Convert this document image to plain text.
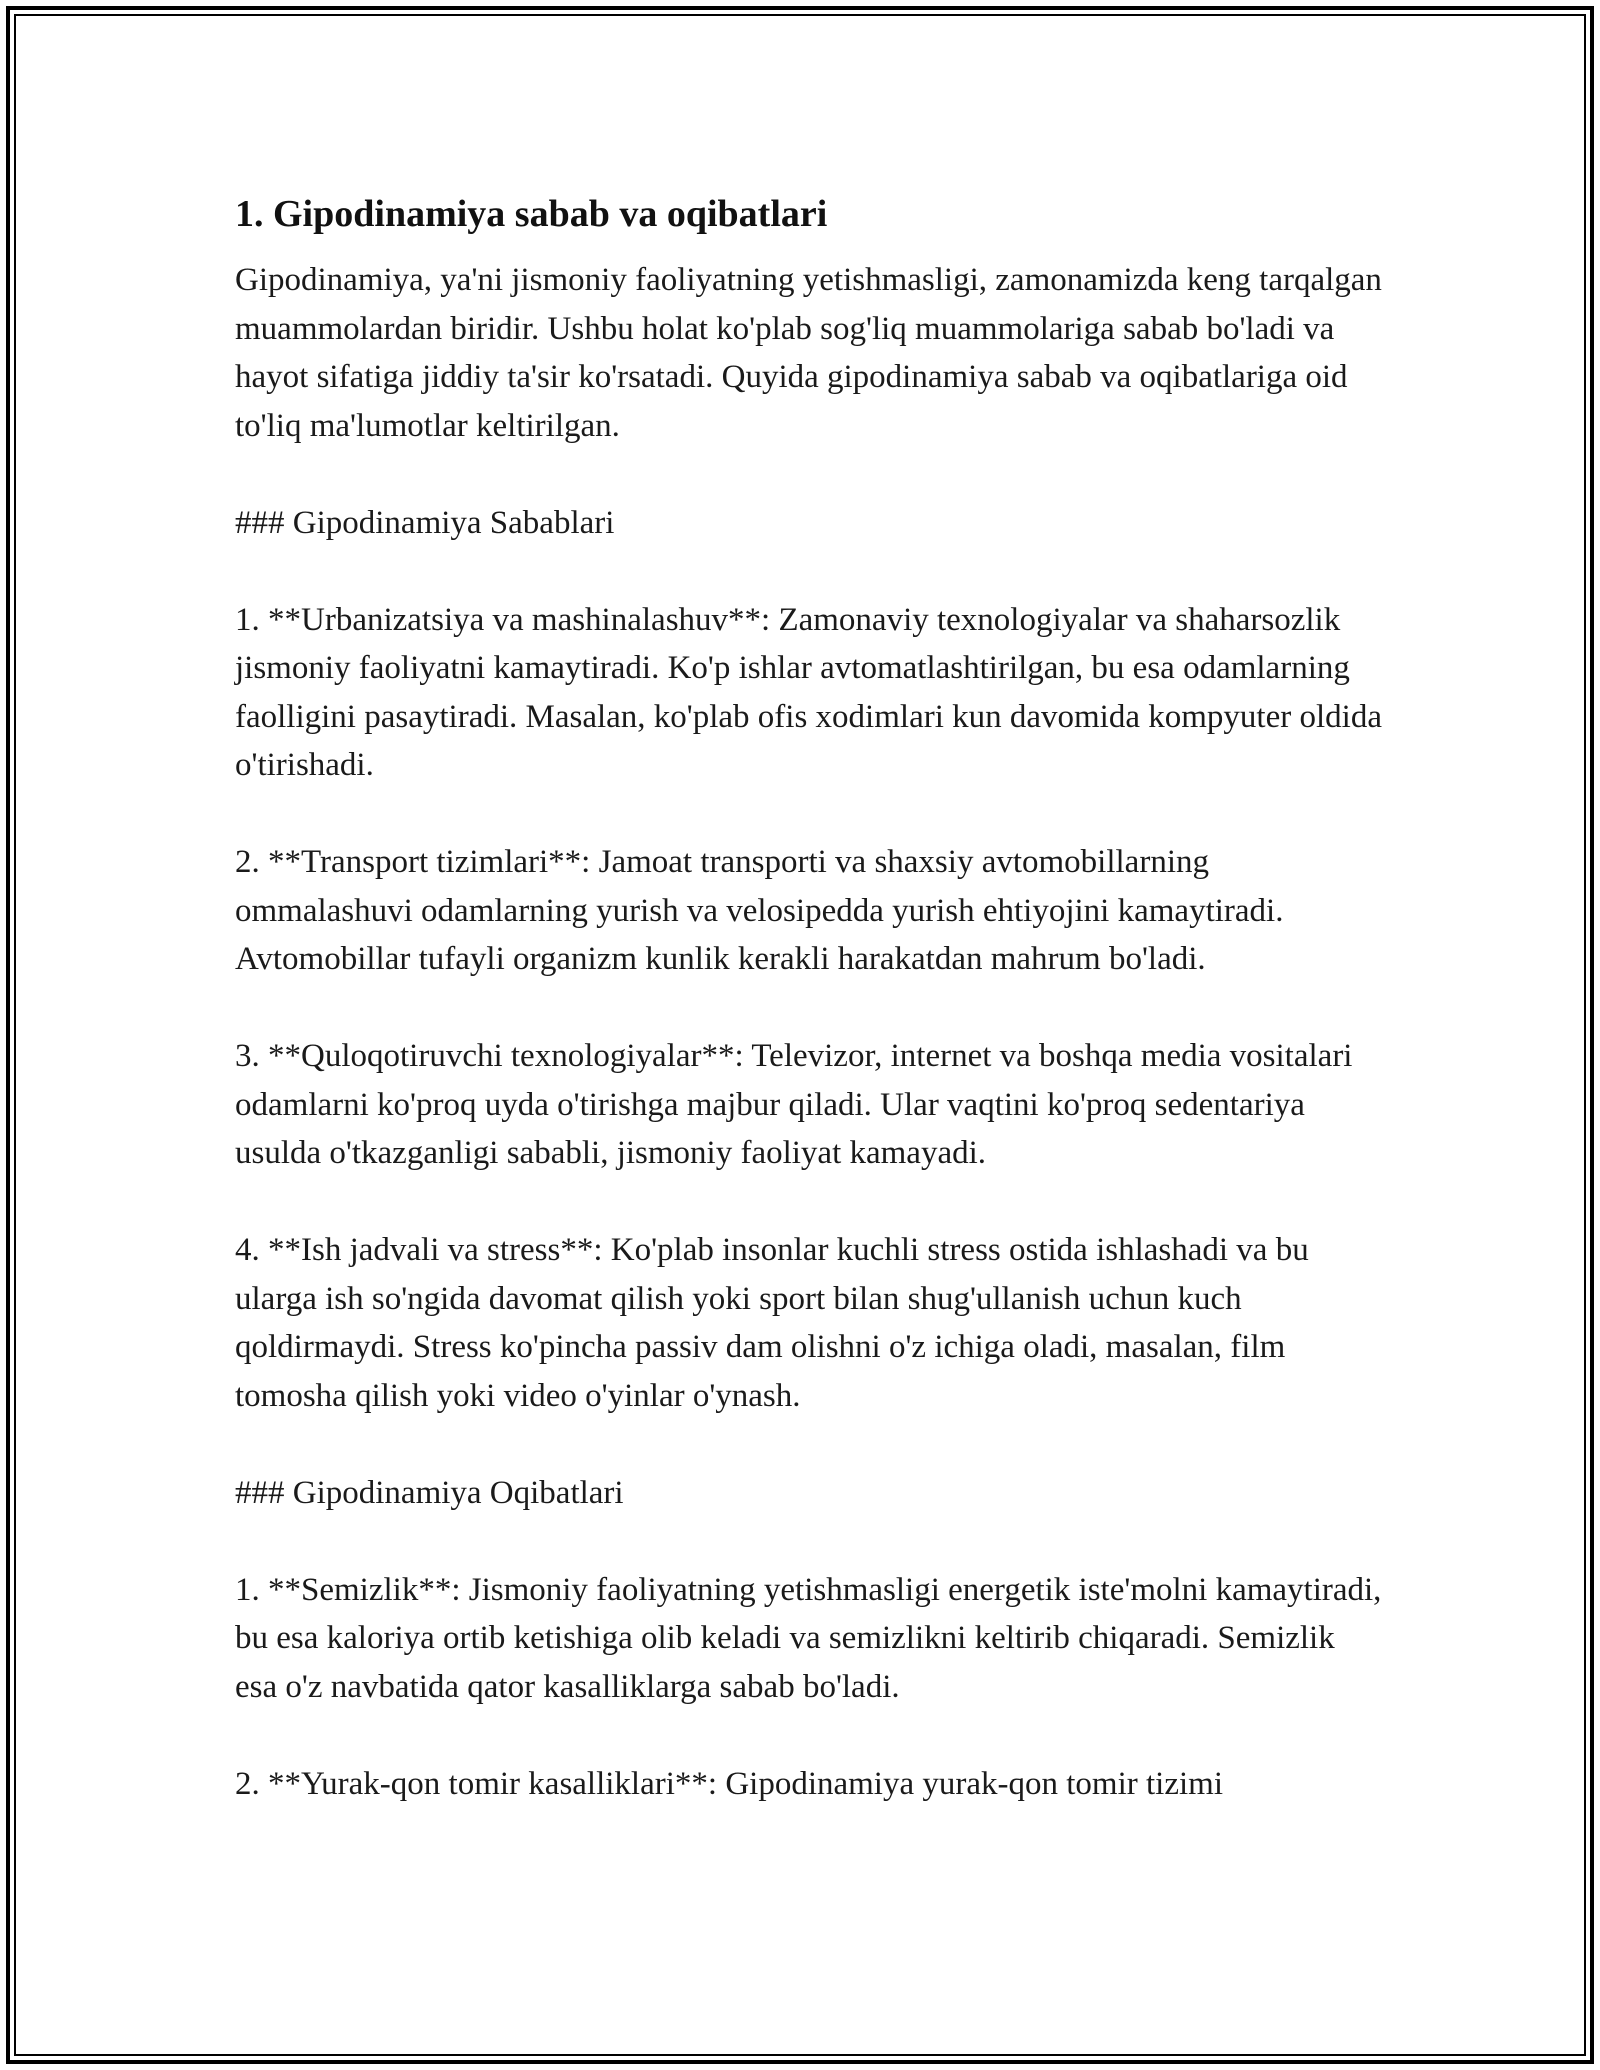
1. Gipodinamiya sabab va oqibatlari

Gipodinamiya, ya'ni jismoniy faoliyatning yetishmasligi, zamonamizda keng tarqalgan muammolardan biridir. Ushbu holat ko'plab sog'liq muammolariga sabab bo'ladi va hayot sifatiga jiddiy ta'sir ko'rsatadi. Quyida gipodinamiya sabab va oqibatlariga oid to'liq ma'lumotlar keltirilgan.

### Gipodinamiya Sabablari

1. **Urbanizatsiya va mashinalashuv**: Zamonaviy texnologiyalar va shaharsozlik jismoniy faoliyatni kamaytiradi. Ko'p ishlar avtomatlashtirilgan, bu esa odamlarning faolligini pasaytiradi. Masalan, ko'plab ofis xodimlari kun davomida kompyuter oldida o'tirishadi.

2. **Transport tizimlari**: Jamoat transporti va shaxsiy avtomobillarning ommalashuvi odamlarning yurish va velosipedda yurish ehtiyojini kamaytiradi. Avtomobillar tufayli organizm kunlik kerakli harakatdan mahrum bo'ladi.

3. **Quloqotiruvchi texnologiyalar**: Televizor, internet va boshqa media vositalari odamlarni ko'proq uyda o'tirishga majbur qiladi. Ular vaqtini ko'proq sedentariya usulda o'tkazganligi sababli, jismoniy faoliyat kamayadi.

4. **Ish jadvali va stress**: Ko'plab insonlar kuchli stress ostida ishlashadi va bu ularga ish so'ngida davomat qilish yoki sport bilan shug'ullanish uchun kuch qoldirmaydi. Stress ko'pincha passiv dam olishni o'z ichiga oladi, masalan, film tomosha qilish yoki video o'yinlar o'ynash.

### Gipodinamiya Oqibatlari

1. **Semizlik**: Jismoniy faoliyatning yetishmasligi energetik iste'molni kamaytiradi, bu esa kaloriya ortib ketishiga olib keladi va semizlikni keltirib chiqaradi. Semizlik esa o'z navbatida qator kasalliklarga sabab bo'ladi.

2. **Yurak-qon tomir kasalliklari**: Gipodinamiya yurak-qon tomir tizimi
